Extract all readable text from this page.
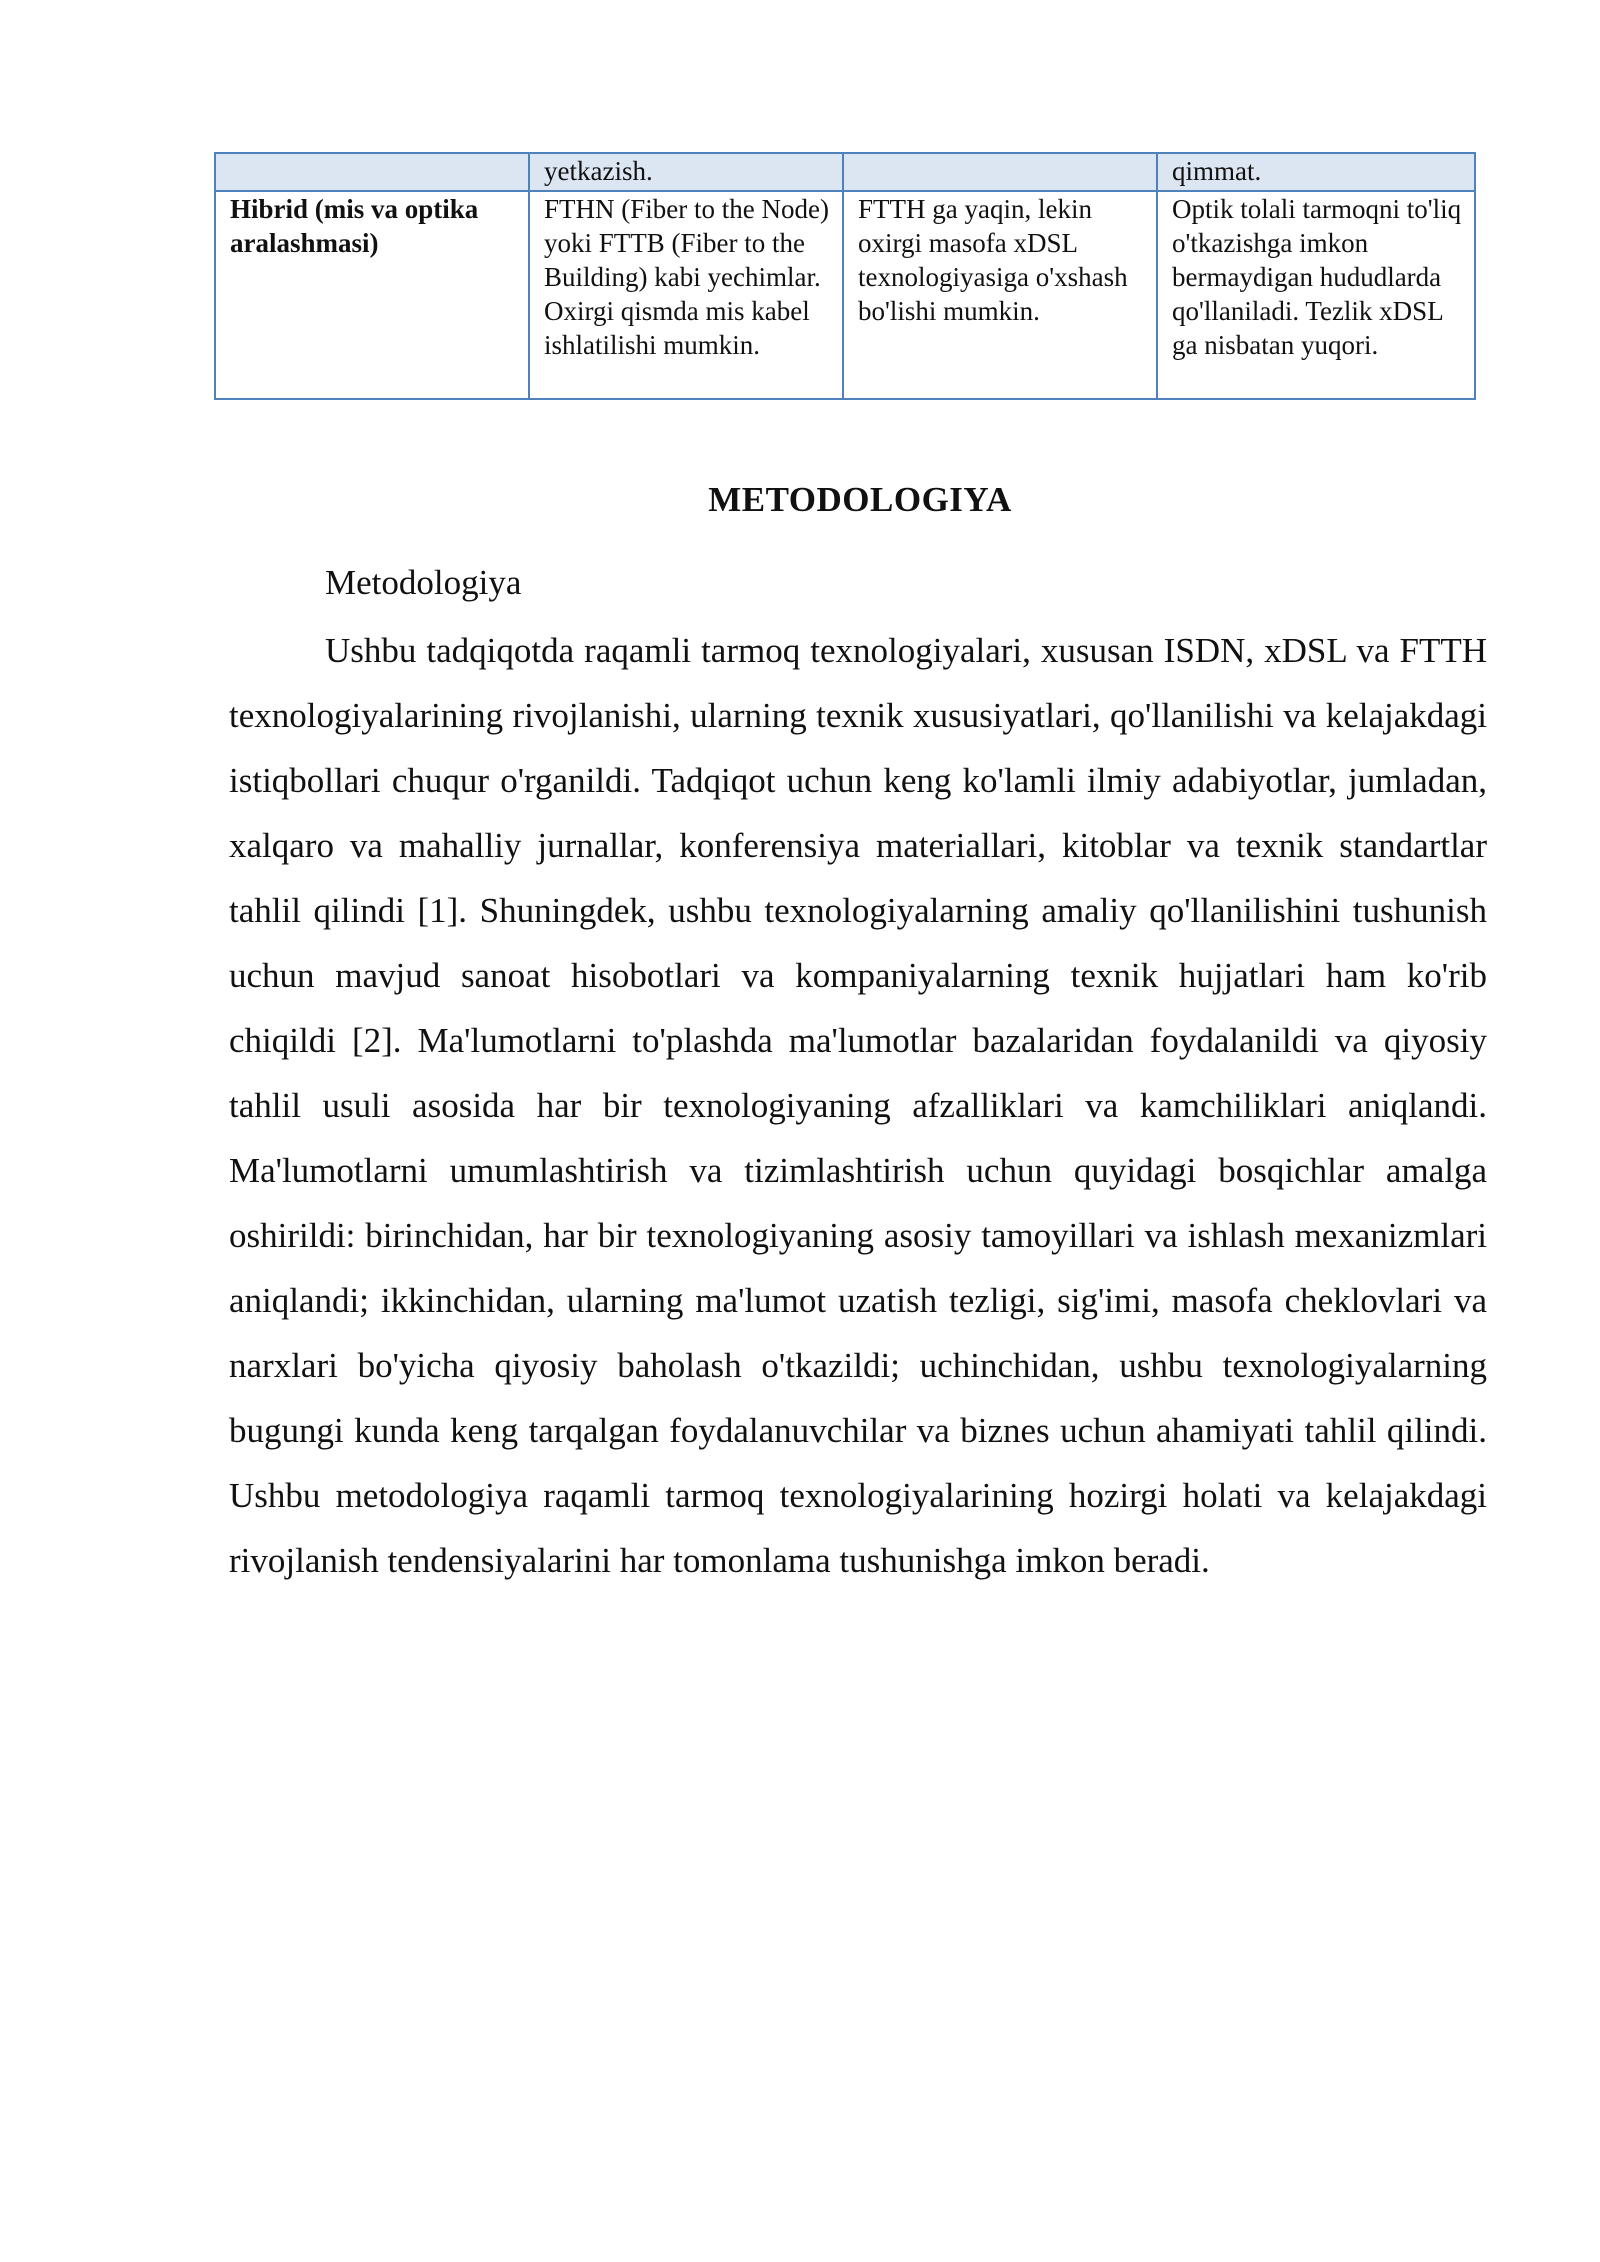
	yetkazish.		qimmat.
Hibrid (mis va optika aralashmasi)	FTHN (Fiber to the Node) yoki FTTB (Fiber to the Building) kabi yechimlar. Oxirgi qismda mis kabel ishlatilishi mumkin.	FTTH ga yaqin, lekin oxirgi masofa xDSL texnologiyasiga o'xshash bo'lishi mumkin.	Optik tolali tarmoqni to'liq o'tkazishga imkon bermaydigan hududlarda qo'llaniladi. Tezlik xDSL ga nisbatan yuqori.
METODOLOGIYA
Metodologiya

Ushbu tadqiqotda raqamli tarmoq texnologiyalari, xususan ISDN, xDSL va FTTH texnologiyalarining rivojlanishi, ularning texnik xususiyatlari, qo'llanilishi va kelajakdagi istiqbollari chuqur o'rganildi. Tadqiqot uchun keng ko'lamli ilmiy adabiyotlar, jumladan, xalqaro va mahalliy jurnallar, konferensiya materiallari, kitoblar va texnik standartlar tahlil qilindi [1]. Shuningdek, ushbu texnologiyalarning amaliy qo'llanilishini tushunish uchun mavjud sanoat hisobotlari va kompaniyalarning texnik hujjatlari ham ko'rib chiqildi [2]. Ma'lumotlarni to'plashda ma'lumotlar bazalaridan foydalanildi va qiyosiy tahlil usuli asosida har bir texnologiyaning afzalliklari va kamchiliklari aniqlandi. Ma'lumotlarni umumlashtirish va tizimlashtirish uchun quyidagi bosqichlar amalga oshirildi: birinchidan, har bir texnologiyaning asosiy tamoyillari va ishlash mexanizmlari aniqlandi; ikkinchidan, ularning ma'lumot uzatish tezligi, sig'imi, masofa cheklovlari va narxlari bo'yicha qiyosiy baholash o'tkazildi; uchinchidan, ushbu texnologiyalarning bugungi kunda keng tarqalgan foydalanuvchilar va biznes uchun ahamiyati tahlil qilindi. Ushbu metodologiya raqamli tarmoq texnologiyalarining hozirgi holati va kelajakdagi rivojlanish tendensiyalarini har tomonlama tushunishga imkon beradi.
